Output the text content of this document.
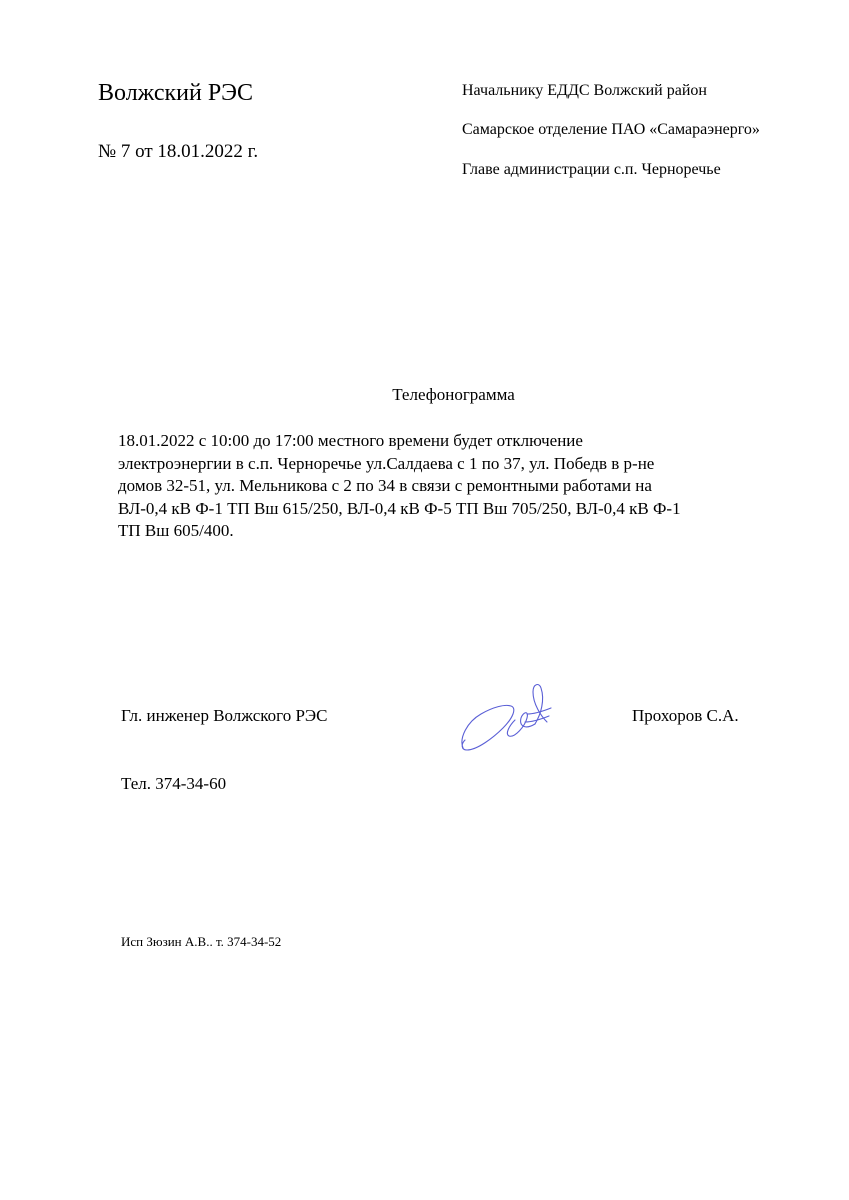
Волжский РЭС
№ 7 от 18.01.2022 г.
Начальнику ЕДДС Волжский район
Самарское отделение ПАО «Самараэнерго»
Главе администрации с.п. Черноречье
Телефонограмма
18.01.2022 с 10:00 до 17:00 местного времени будет отключение
электроэнергии в с.п. Черноречье ул.Салдаева с 1 по 37, ул. Победв в р-не
домов 32-51, ул. Мельникова с 2 по 34 в связи с ремонтными работами на
ВЛ-0,4 кВ Ф-1 ТП Вш 615/250, ВЛ-0,4 кВ Ф-5 ТП Вш 705/250, ВЛ-0,4 кВ Ф-1
ТП Вш 605/400.
Гл. инженер Волжского РЭС	Прохоров С.А.
Тел. 374-34-60
Исп Зюзин А.В.. т. 374-34-52
